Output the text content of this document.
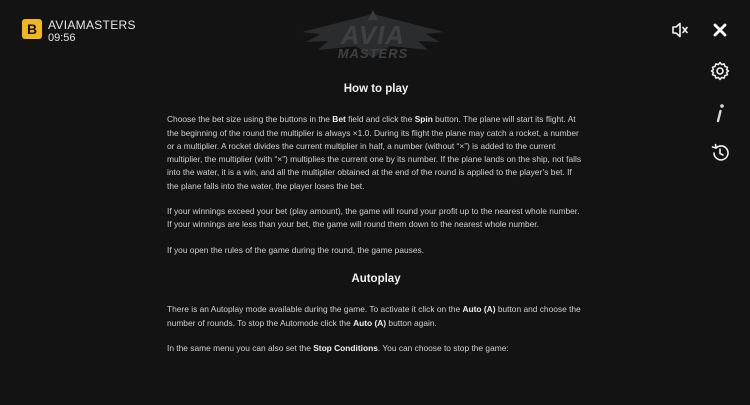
B AVIAMASTERS
09:56	AVIA
MASTERS
How to play

Choose the bet size using the buttons in the Bet field and click the Spin button. The plane will start its flight. At the beginning of the round the multiplier is always ×1.0. During its flight the plane may catch a rocket, a number or a multiplier. A rocket divides the current multiplier in half, a number (without “×”) is added to the current multiplier, the multiplier (with “×”) multiplies the current one by its number. If the plane lands on the ship, not falls into the water, it is a win, and all the multiplier obtained at the end of the round is applied to the player’s bet. If the plane falls into the water, the player loses the bet.

If your winnings exceed your bet (play amount), the game will round your profit up to the nearest whole number. If your winnings are less than your bet, the game will round them down to the nearest whole number.

If you open the rules of the game during the round, the game pauses.

Autoplay

There is an Autoplay mode available during the game. To activate it click on the Auto (A) button and choose the number of rounds. To stop the Automode click the Auto (A) button again.

In the same menu you can also set the Stop Conditions. You can choose to stop the game:
